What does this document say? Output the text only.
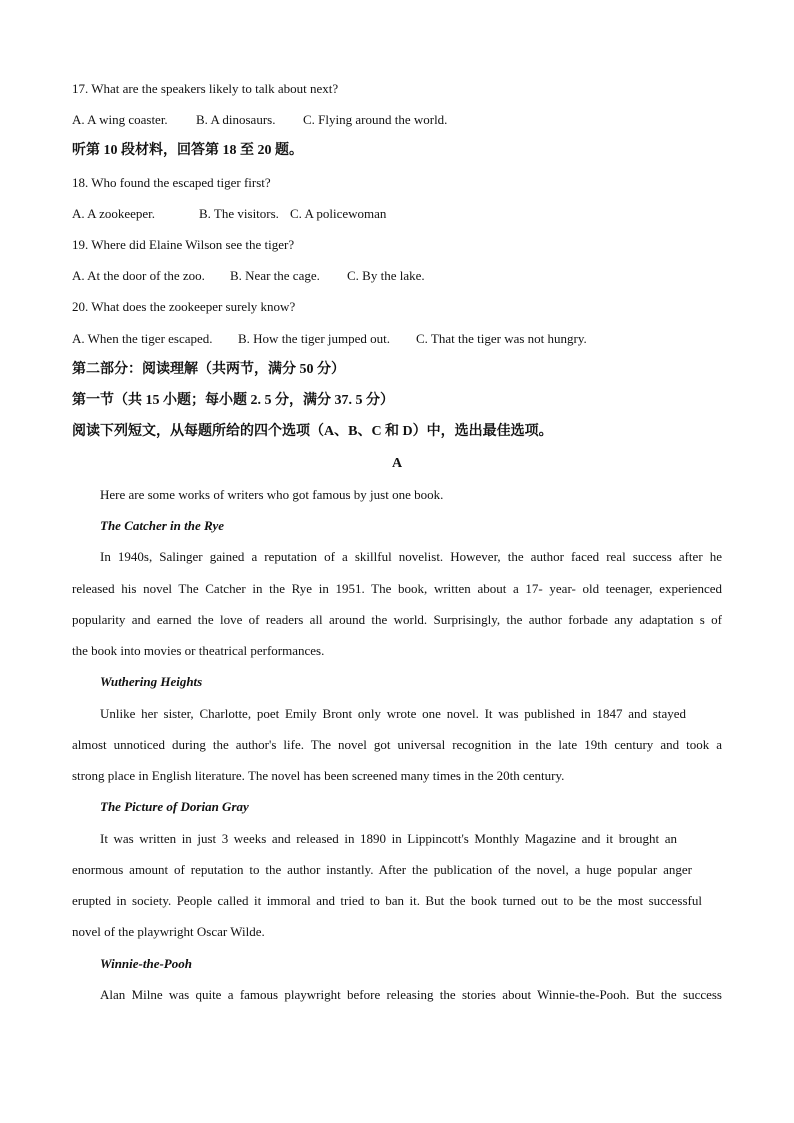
17. What are the speakers likely to talk about next?
A. A wing coaster. B. A dinosaurs. C. Flying around the world.
听第 10 段材料，回答第 18 至 20 题。
18. Who found the escaped tiger first?
A. A zookeeper.	B. The visitors. C. A policewoman
19. Where did Elaine Wilson see the tiger?
A. At the door of the zoo. B. Near the cage. C. By the lake.
20. What does the zookeeper surely know?
A. When the tiger escaped. B. How the tiger jumped out. C. That the tiger was not hungry.
第二部分：阅读理解（共两节，满分 50 分）
第一节（共 15 小题；每小题 2. 5 分，满分 37. 5 分）
阅读下列短文，从每题所给的四个选项（A、B、C 和 D）中，选出最佳选项。
A
Here are some works of writers who got famous by just one book.
The Catcher in the Rye
In 1940s, Salinger gained a reputation of a skillful novelist. However, the author faced real success after he
released his novel The Catcher in the Rye in 1951. The book, written about a 17- year- old teenager, experienced
popularity and earned the love of readers all around the world. Surprisingly, the author forbade any adaptation s of
the book into movies or theatrical performances.
Wuthering Heights
Unlike her sister, Charlotte, poet Emily Bront only wrote one novel. It was published in 1847 and stayed
almost unnoticed during the author's life. The novel got universal recognition in the late 19th century and took a
strong place in English literature. The novel has been screened many times in the 20th century.
The Picture of Dorian Gray
It was written in just 3 weeks and released in 1890 in Lippincott's Monthly Magazine and it brought an
enormous amount of reputation to the author instantly. After the publication of the novel, a huge popular anger
erupted in society. People called it immoral and tried to ban it. But the book turned out to be the most successful
novel of the playwright Oscar Wilde.
Winnie-the-Pooh
Alan Milne was quite a famous playwright before releasing the stories about Winnie-the-Pooh. But the success
